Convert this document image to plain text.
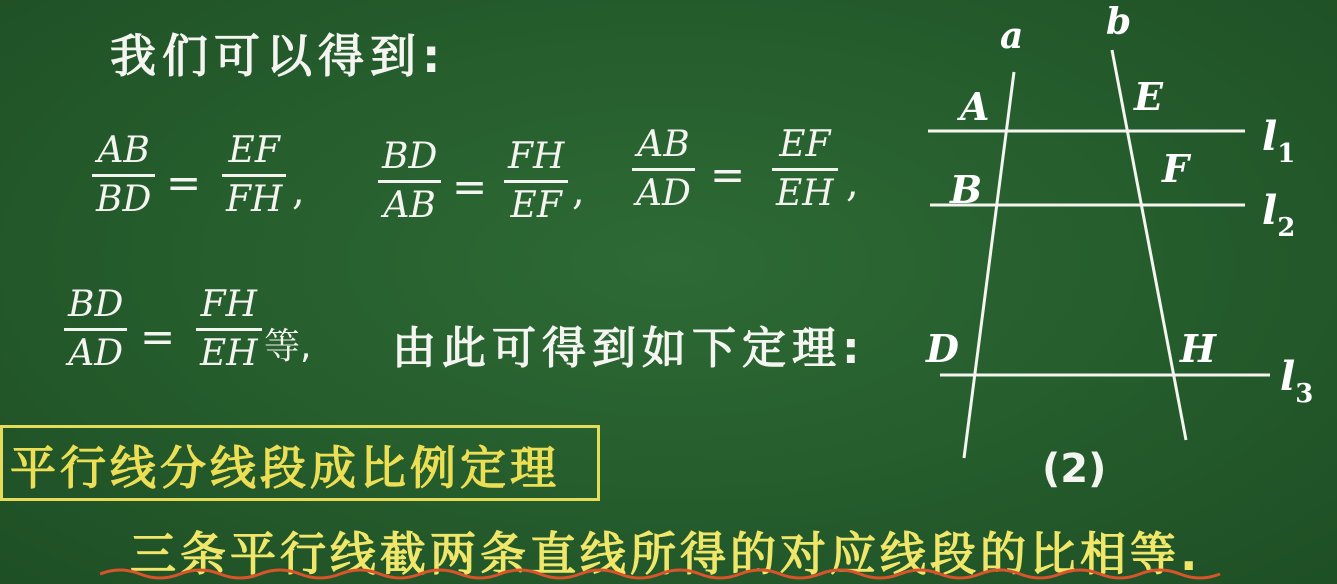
我们可以得到:
AB
BD =
EF
FH ,
BD
AB =
FH
EF ,
AB
AD =
EF
EH ,
BD
AD =
FH
EH 等, 由此可得到如下定理:
平行线分线段成比例定理
三条平行线截两条直线所得的对应线段的比相等.
a b
A
B
D
E
F
H
$l_1$
$l_2$
$l_3$
(2)
